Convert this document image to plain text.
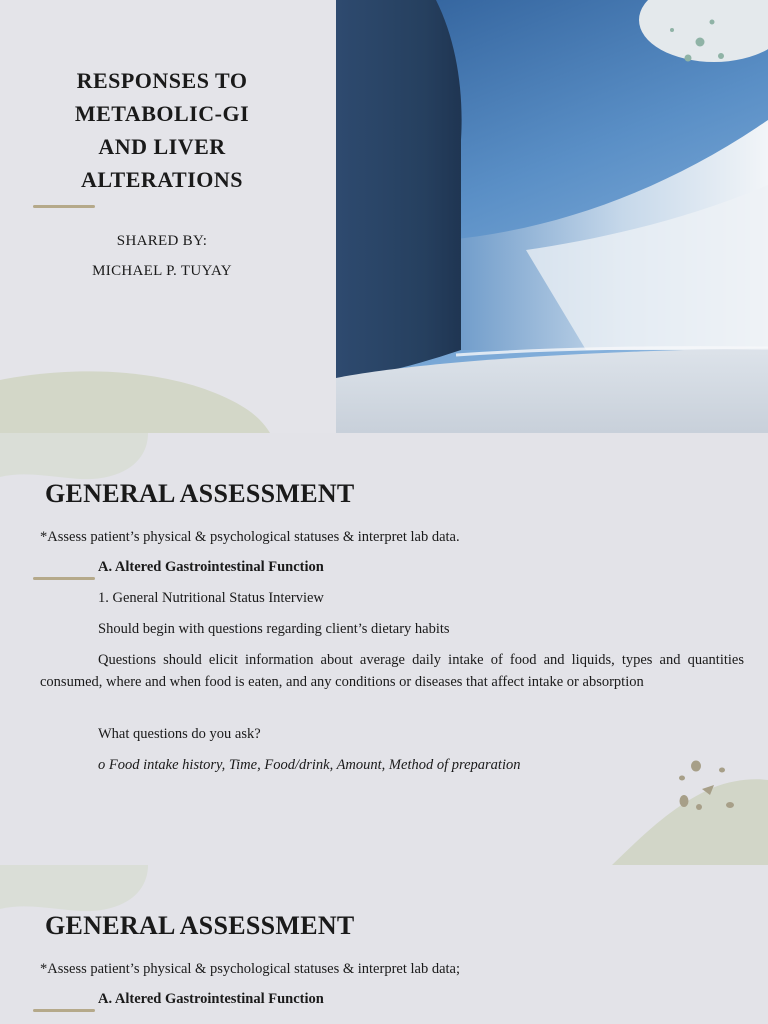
RESPONSES TO
METABOLIC-GI
AND LIVER
ALTERATIONS
SHARED BY:
MICHAEL P. TUYAY
GENERAL ASSESSMENT
*Assess patient’s physical & psychological statuses & interpret lab data.
A. Altered Gastrointestinal Function
1. General Nutritional Status Interview
Should begin with questions regarding client’s dietary habits
Questions should elicit information about average daily intake of food and liquids, types and quantities consumed, where and when food is eaten, and any conditions or diseases that affect intake or absorption
What questions do you ask?
o Food intake history, Time, Food/drink, Amount, Method of preparation
GENERAL ASSESSMENT
*Assess patient’s physical & psychological statuses & interpret lab data;
A. Altered Gastrointestinal Function
